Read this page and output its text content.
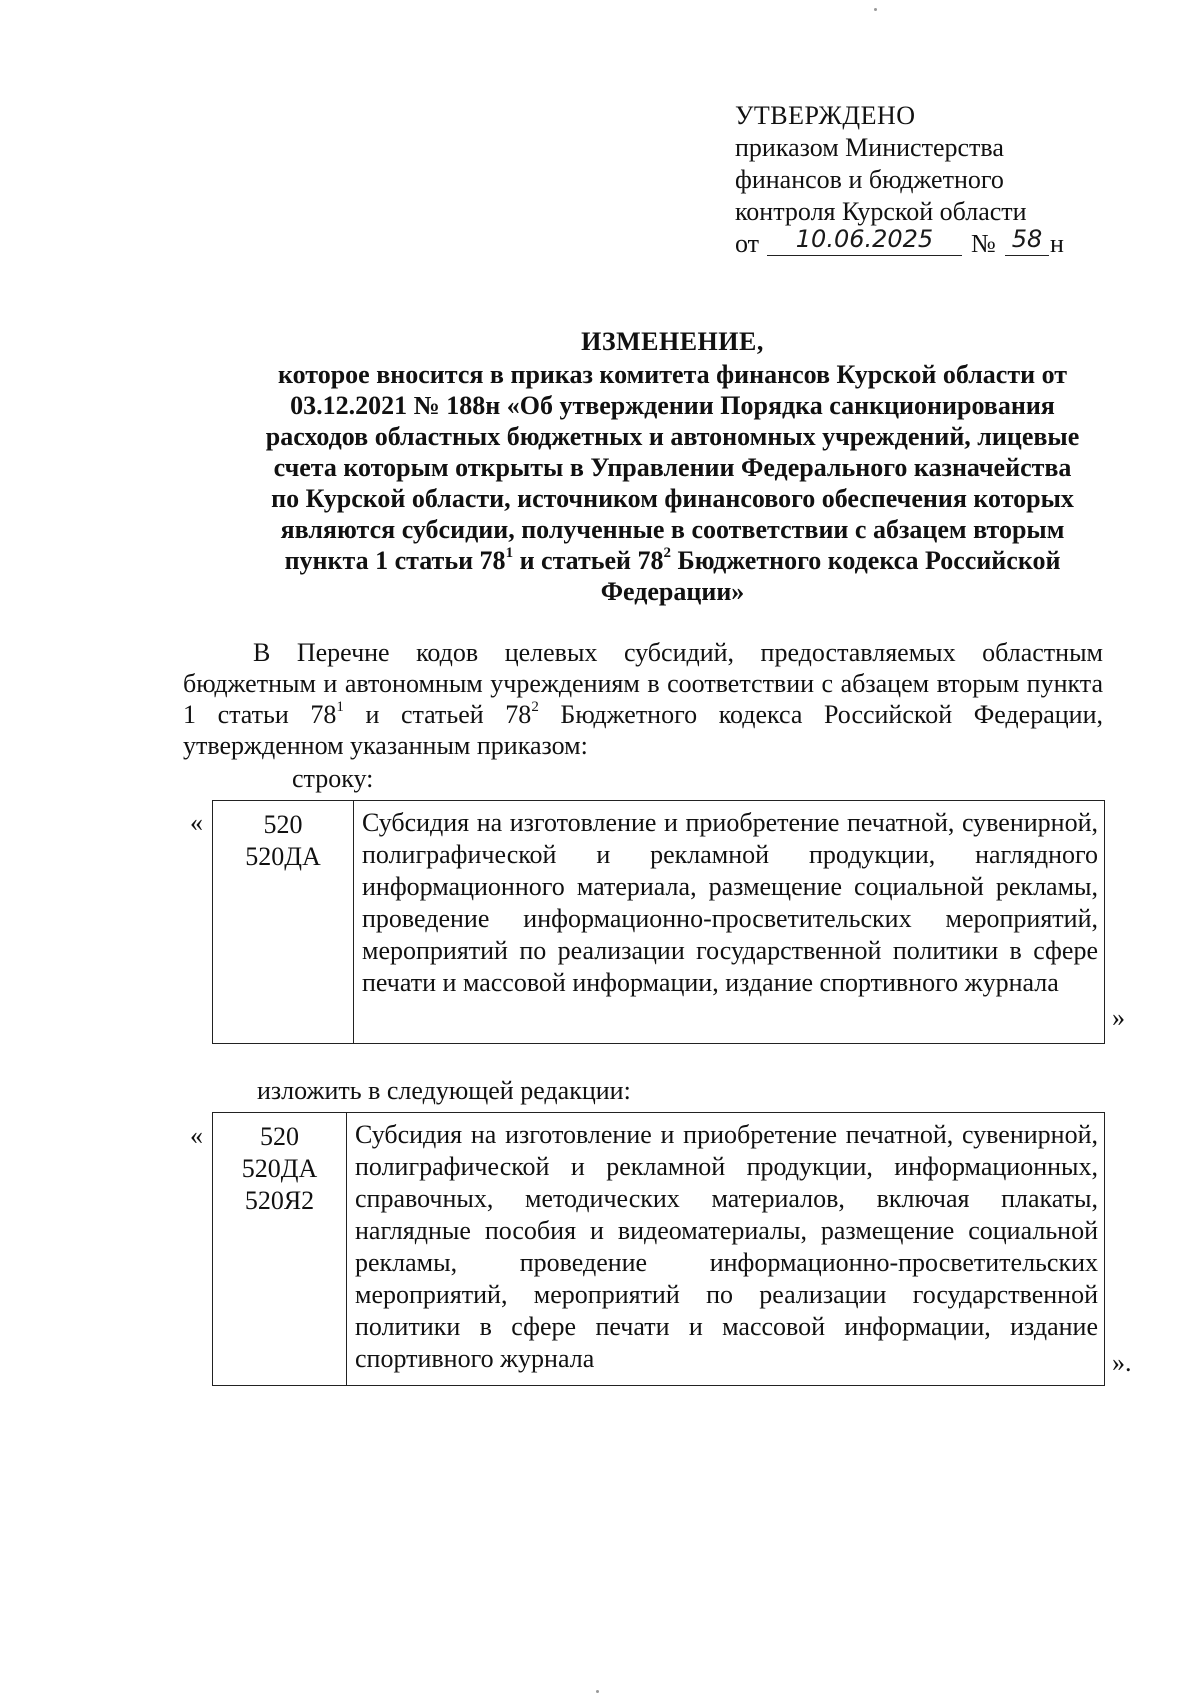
УТВЕРЖДЕНО
приказом Министерства
финансов и бюджетного
контроля Курской области
от	10.06.2025	№ 58 н
ИЗМЕНЕНИЕ,
которое вносится в приказ комитета финансов Курской области от
03.12.2021 № 188н «Об утверждении Порядка санкционирования
расходов областных бюджетных и автономных учреждений, лицевые
счета которым открыты в Управлении Федерального казначейства
по Курской области, источником финансового обеспечения которых
являются субсидии, полученные в соответствии с абзацем вторым
пункта 1 статьи $78^1$ и статьей $78^2$ Бюджетного кодекса Российской
Федерации»
В Перечне кодов целевых субсидий, предоставляемых областным бюджетным и автономным учреждениям в соответствии с абзацем вторым пункта 1 статьи $78^1$ и статьей $78^2$ Бюджетного кодекса Российской Федерации, утвержденном указанным приказом:
строку:
«	520
520ДА
	Субсидия на изготовление и приобретение печатной, сувенирной, полиграфической и рекламной продукции, наглядного информационного материала, размещение социальной рекламы, проведение информационно-просветительских мероприятий, мероприятий по реализации государственной политики в сфере печати и массовой информации, издание спортивного журнала
»
изложить в следующей редакции:
«	520
520ДА
520Я2
	Субсидия на изготовление и приобретение печатной, сувенирной, полиграфической и рекламной продукции, информационных, справочных, методических материалов, включая плакаты, наглядные пособия и видеоматериалы, размещение социальной рекламы, проведение информационно-просветительских мероприятий, мероприятий по реализации государственной политики в сфере печати и массовой информации, издание спортивного журнала	».
